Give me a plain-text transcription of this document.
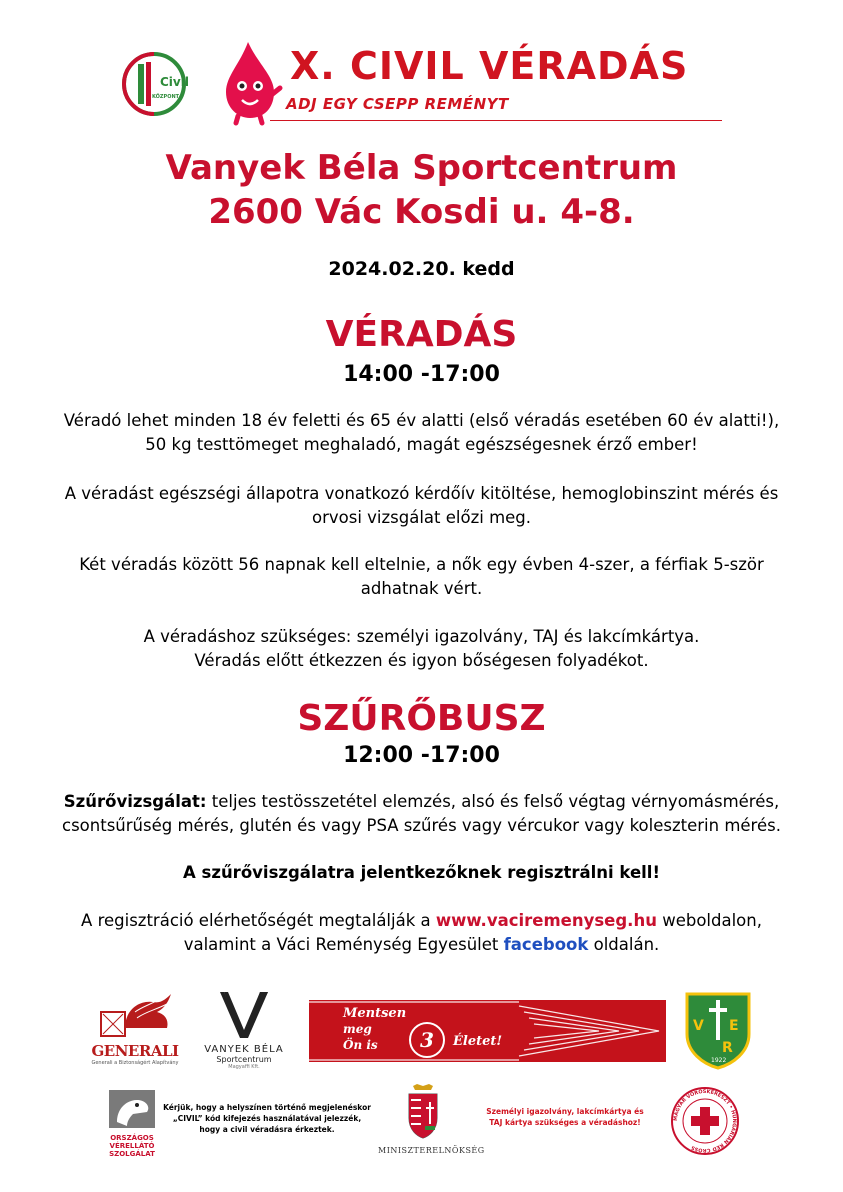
Civil
KÖZPONT
X. CIVIL VÉRADÁS
ADJ EGY CSEPP REMÉNYT
Vanyek Béla Sportcentrum
2600 Vác Kosdi u. 4-8.
2024.02.20. kedd
VÉRADÁS
14:00 -17:00
Véradó lehet minden 18 év feletti és 65 év alatti (első véradás esetében 60 év alatti!),
50 kg testtömeget meghaladó, magát egészségesnek érző ember!
A véradást egészségi állapotra vonatkozó kérdőív kitöltése, hemoglobinszint mérés és
orvosi vizsgálat előzi meg.
Két véradás között 56 napnak kell eltelnie, a nők egy évben 4-szer, a férfiak 5-ször
adhatnak vért.
A véradáshoz szükséges: személyi igazolvány, TAJ és lakcímkártya.
Véradás előtt étkezzen és igyon bőségesen folyadékot.
SZŰRŐBUSZ
12:00 -17:00
Szűrővizsgálat: teljes testösszetétel elemzés, alsó és felső végtag vérnyomásmérés,
csontsűrűség mérés, glutén és vagy PSA szűrés vagy vércukor vagy koleszterin mérés.
A szűrőviszgálatra jelentkezőknek regisztrálni kell!
A regisztráció elérhetőségét megtalálják a www.vaciremenyseg.hu weboldalon,
valamint a Váci Reménység Egyesület facebook oldalán.
GENERALI
Generali a Biztonságért Alapítvány
VANYEK BÉLA
Sportcentrum
Magyaffi Kft.
Mentsen
meg
Ön is 3 Életet!
V E
R
1922
ORSZÁGOS VÉRELLÁTÓ SZOLGÁLAT
Kérjük, hogy a helyszínen történő megjelenéskor „CIVIL” kód kifejezés használatával jelezzék, hogy a civil véradásra érkeztek.
MINISZTERELNÖKSÉG
Személyi igazolvány, lakcímkártya és TAJ kártya szükséges a véradáshoz!	MAGYAR VÖRÖSKERESZT • HUNGARIAN RED CROSS
